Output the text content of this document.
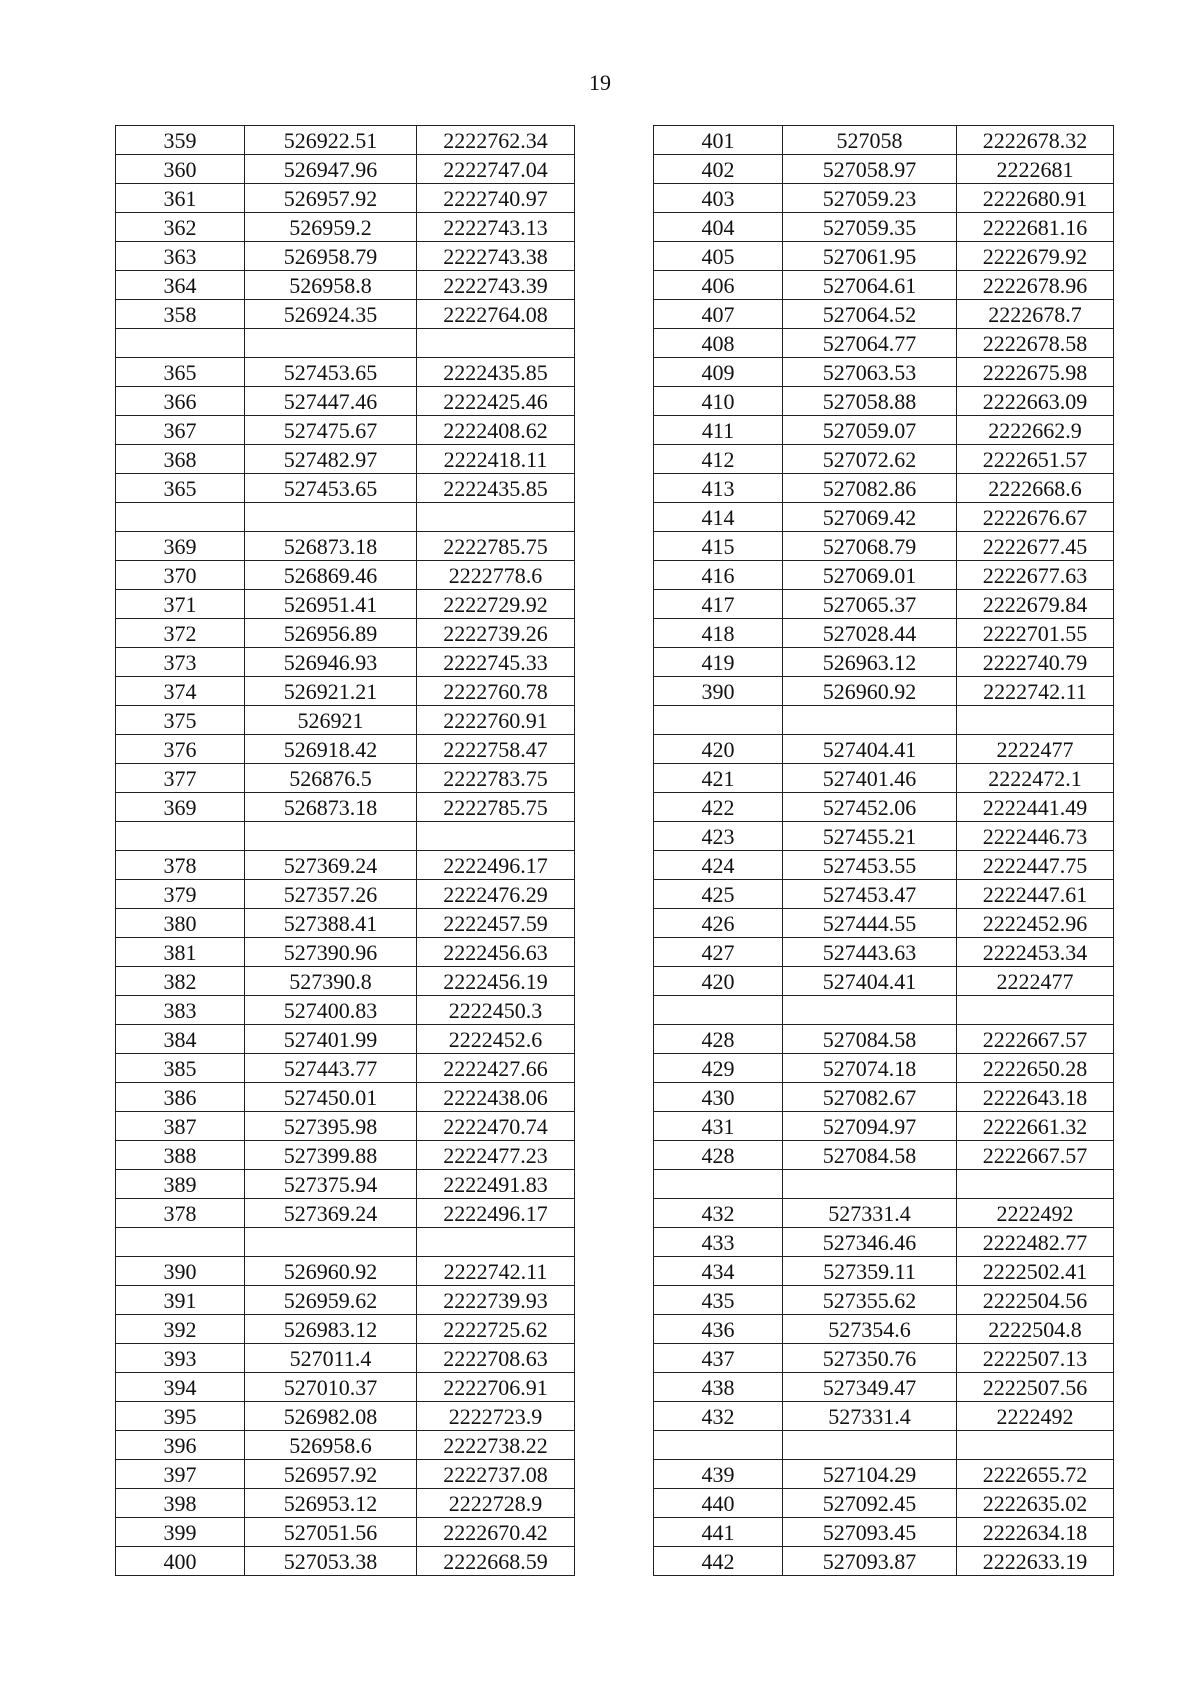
19
359	526922.51	2222762.34
360	526947.96	2222747.04
361	526957.92	2222740.97
362	526959.2	2222743.13
363	526958.79	2222743.38
364	526958.8	2222743.39
358	526924.35	2222764.08

365	527453.65	2222435.85
366	527447.46	2222425.46
367	527475.67	2222408.62
368	527482.97	2222418.11
365	527453.65	2222435.85

369	526873.18	2222785.75
370	526869.46	2222778.6
371	526951.41	2222729.92
372	526956.89	2222739.26
373	526946.93	2222745.33
374	526921.21	2222760.78
375	526921	2222760.91
376	526918.42	2222758.47
377	526876.5	2222783.75
369	526873.18	2222785.75

378	527369.24	2222496.17
379	527357.26	2222476.29
380	527388.41	2222457.59
381	527390.96	2222456.63
382	527390.8	2222456.19
383	527400.83	2222450.3
384	527401.99	2222452.6
385	527443.77	2222427.66
386	527450.01	2222438.06
387	527395.98	2222470.74
388	527399.88	2222477.23
389	527375.94	2222491.83
378	527369.24	2222496.17

390	526960.92	2222742.11
391	526959.62	2222739.93
392	526983.12	2222725.62
393	527011.4	2222708.63
394	527010.37	2222706.91
395	526982.08	2222723.9
396	526958.6	2222738.22
397	526957.92	2222737.08
398	526953.12	2222728.9
399	527051.56	2222670.42
400	527053.38	2222668.59
401	527058	2222678.32
402	527058.97	2222681
403	527059.23	2222680.91
404	527059.35	2222681.16
405	527061.95	2222679.92
406	527064.61	2222678.96
407	527064.52	2222678.7
408	527064.77	2222678.58
409	527063.53	2222675.98
410	527058.88	2222663.09
411	527059.07	2222662.9
412	527072.62	2222651.57
413	527082.86	2222668.6
414	527069.42	2222676.67
415	527068.79	2222677.45
416	527069.01	2222677.63
417	527065.37	2222679.84
418	527028.44	2222701.55
419	526963.12	2222740.79
390	526960.92	2222742.11

420	527404.41	2222477
421	527401.46	2222472.1
422	527452.06	2222441.49
423	527455.21	2222446.73
424	527453.55	2222447.75
425	527453.47	2222447.61
426	527444.55	2222452.96
427	527443.63	2222453.34
420	527404.41	2222477

428	527084.58	2222667.57
429	527074.18	2222650.28
430	527082.67	2222643.18
431	527094.97	2222661.32
428	527084.58	2222667.57

432	527331.4	2222492
433	527346.46	2222482.77
434	527359.11	2222502.41
435	527355.62	2222504.56
436	527354.6	2222504.8
437	527350.76	2222507.13
438	527349.47	2222507.56
432	527331.4	2222492

439	527104.29	2222655.72
440	527092.45	2222635.02
441	527093.45	2222634.18
442	527093.87	2222633.19
